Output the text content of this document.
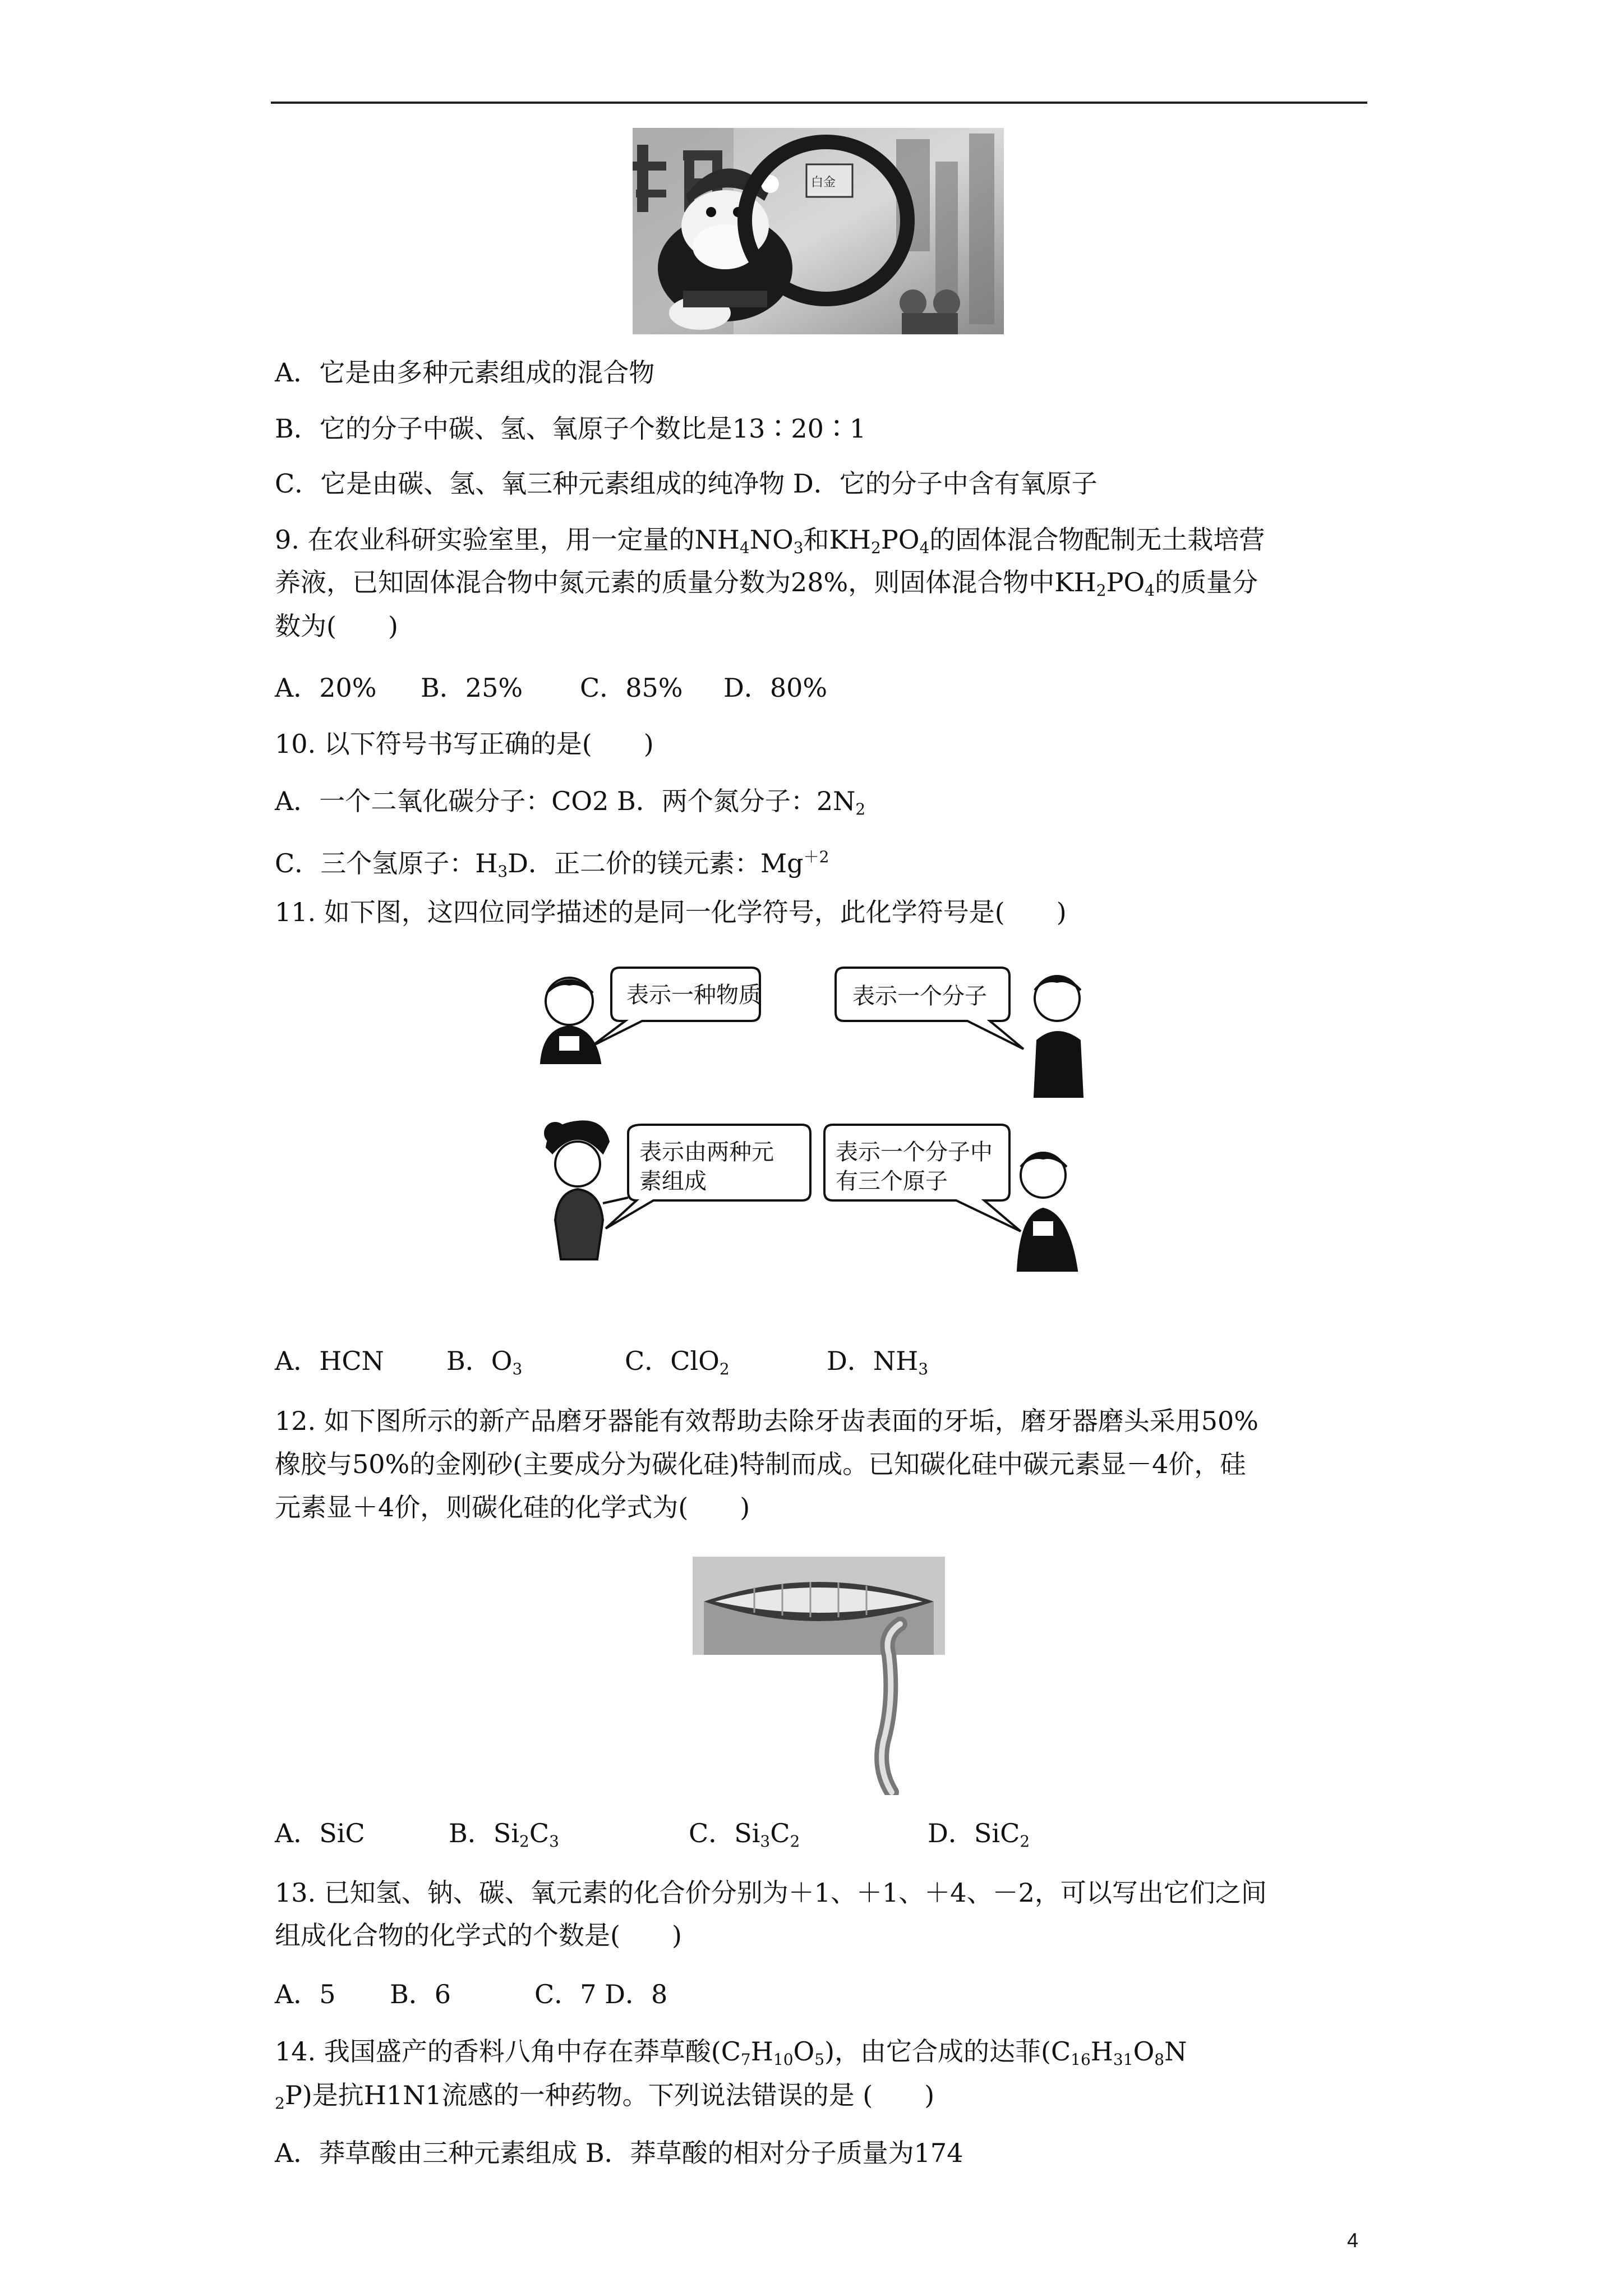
白金
A．它是由多种元素组成的混合物
B．它的分子中碳、氢、氧原子个数比是13∶20∶1
C．它是由碳、氢、氧三种元素组成的纯净物 D．它的分子中含有氧原子
9. 在农业科研实验室里，用一定量的$NH_4NO_3$和$KH_2PO_4$的固体混合物配制无土栽培营
养液，已知固体混合物中氮元素的质量分数为28%，则固体混合物中$KH_2PO_4$的质量分
数为(　　)
A．20% B．25% C．85% D．80%
10. 以下符号书写正确的是(　　)
A．一个二氧化碳分子：CO2 B．两个氮分子：$2N_2$
C．三个氢原子：$H_3D$．正二价的镁元素：$Mg^{+2}$
11. 如下图，这四位同学描述的是同一化学符号，此化学符号是(　　)
表示一种物质	表示一个分子
表示由两种元
素组成
表示一个分子中
有三个原子
A．HCN B．$O_3$	C．ClO$_2$	D．$NH_3$
12. 如下图所示的新产品磨牙器能有效帮助去除牙齿表面的牙垢，磨牙器磨头采用50%
橡胶与50%的金刚砂(主要成分为碳化硅)特制而成。已知碳化硅中碳元素显－4价，硅
元素显＋4价，则碳化硅的化学式为(　　)
A．SiC	B．$Si_2C_3$	C．$Si_3C_2$	D．SiC$_2$
13. 已知氢、钠、碳、氧元素的化合价分别为＋1、＋1、＋4、－2，可以写出它们之间
组成化合物的化学式的个数是(　　)
A．5 B．6	C．7 D．8
14. 我国盛产的香料八角中存在莽草酸$(C_7H_{10}O_5)$，由它合成的达菲($C_{16}H_{31}O_8N$
$_2$P)是抗H1N1流感的一种药物。下列说法错误的是 (　　)
A．莽草酸由三种元素组成 B．莽草酸的相对分子质量为174
4
